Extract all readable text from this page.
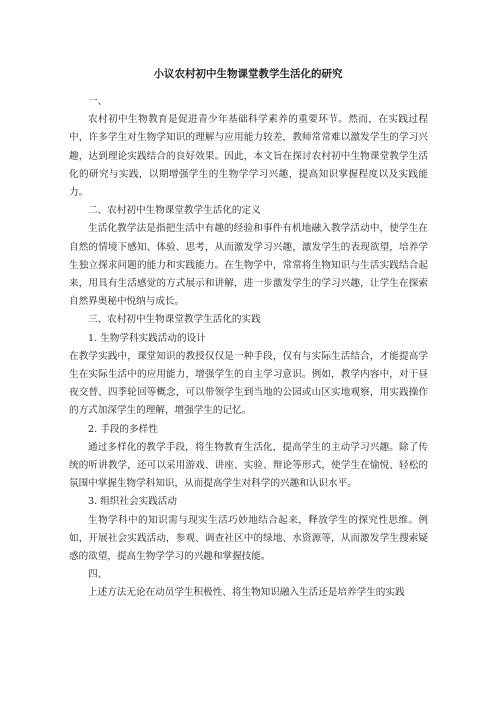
小议农村初中生物课堂教学生活化的研究

一、

农村初中生物教育是促进青少年基础科学素养的重要环节。然而，在实践过程中，许多学生对生物学知识的理解与应用能力较差，教师常常难以激发学生的学习兴趣，达到理论实践结合的良好效果。因此，本文旨在探讨农村初中生物课堂教学生活化的研究与实践，以期增强学生的生物学学习兴趣，提高知识掌握程度以及实践能力。

二、农村初中生物课堂教学生活化的定义

生活化教学法是指把生活中有趣的经验和事件有机地融入教学活动中，使学生在自然的情境下感知、体验、思考，从而激发学习兴趣，激发学生的表现欲望，培养学生独立探求问题的能力和实践能力。在生物学中，常常将生物知识与生活实践结合起来，用具有生活感觉的方式展示和讲解，进一步激发学生的学习兴趣，让学生在探索自然界奥秘中悦纳与成长。

三、农村初中生物课堂教学生活化的实践

1. 生物学科实践活动的设计

在教学实践中，课堂知识的教授仅仅是一种手段，仅有与实际生活结合，才能提高学生在实际生活中的应用能力，增强学生的自主学习意识。例如，教学内容中，对于昼夜交替、四季轮回等概念，可以带领学生到当地的公园或山区实地观察，用实践操作的方式加深学生的理解，增强学生的记忆。

2. 手段的多样性

通过多样化的教学手段，将生物教育生活化，提高学生的主动学习兴趣。除了传统的听讲教学，还可以采用游戏、讲座、实验、辩论等形式，使学生在愉悦、轻松的氛围中掌握生物学科知识，从而提高学生对科学的兴趣和认识水平。

3. 组织社会实践活动

生物学科中的知识需与现实生活巧妙地结合起来，释放学生的探究性思维。例如，开展社会实践活动，参观、调查社区中的绿地、水资源等，从而激发学生搜索疑惑的欲望，提高生物学学习的兴趣和掌握技能。

四、

上述方法无论在动员学生积极性、将生物知识融入生活还是培养学生的实践
